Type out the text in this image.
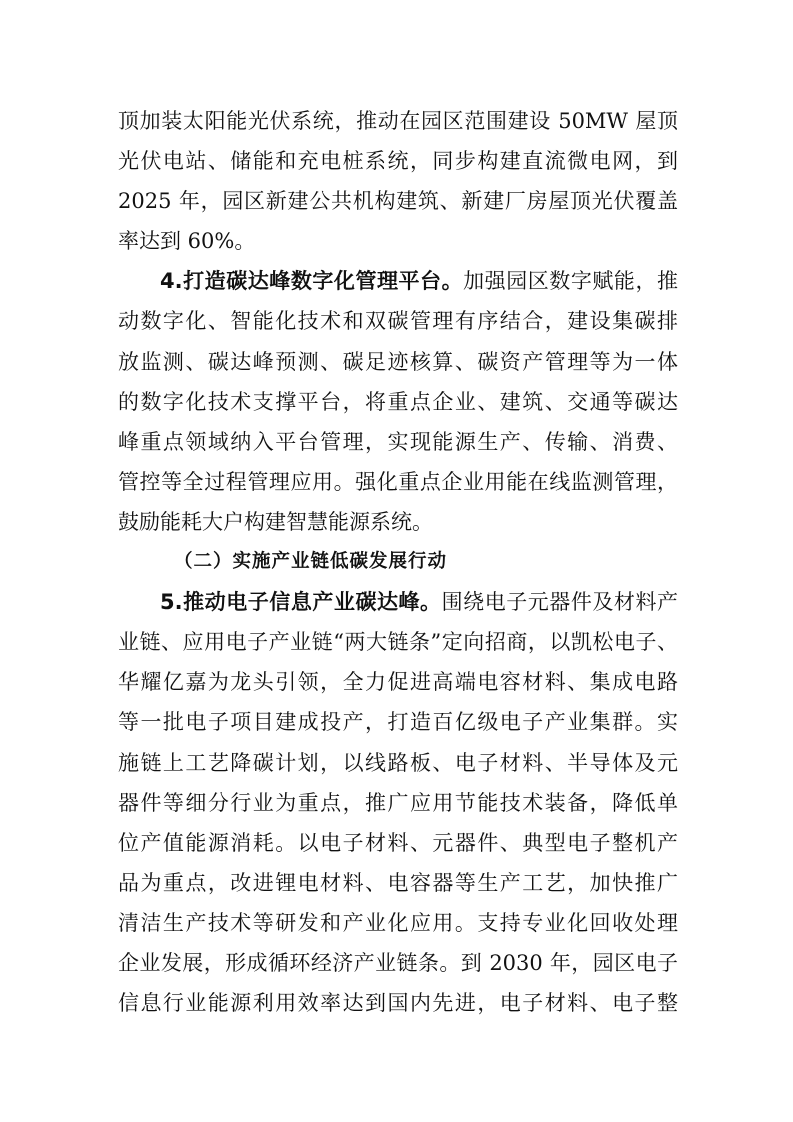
顶加装太阳能光伏系统，推动在园区范围建设 50MW 屋顶
光伏电站、储能和充电桩系统，同步构建直流微电网，到
2025 年，园区新建公共机构建筑、新建厂房屋顶光伏覆盖
率达到 60%。
4.打造碳达峰数字化管理平台。加强园区数字赋能，推
动数字化、智能化技术和双碳管理有序结合，建设集碳排
放监测、碳达峰预测、碳足迹核算、碳资产管理等为一体
的数字化技术支撑平台，将重点企业、建筑、交通等碳达
峰重点领域纳入平台管理，实现能源生产、传输、消费、
管控等全过程管理应用。强化重点企业用能在线监测管理，
鼓励能耗大户构建智慧能源系统。
（二）实施产业链低碳发展行动
5.推动电子信息产业碳达峰。围绕电子元器件及材料产
业链、应用电子产业链“两大链条”定向招商，以凯松电子、
华耀亿嘉为龙头引领，全力促进高端电容材料、集成电路
等一批电子项目建成投产，打造百亿级电子产业集群。实
施链上工艺降碳计划，以线路板、电子材料、半导体及元
器件等细分行业为重点，推广应用节能技术装备，降低单
位产值能源消耗。以电子材料、元器件、典型电子整机产
品为重点，改进锂电材料、电容器等生产工艺，加快推广
清洁生产技术等研发和产业化应用。支持专业化回收处理
企业发展，形成循环经济产业链条。到 2030 年，园区电子
信息行业能源利用效率达到国内先进，电子材料、电子整
